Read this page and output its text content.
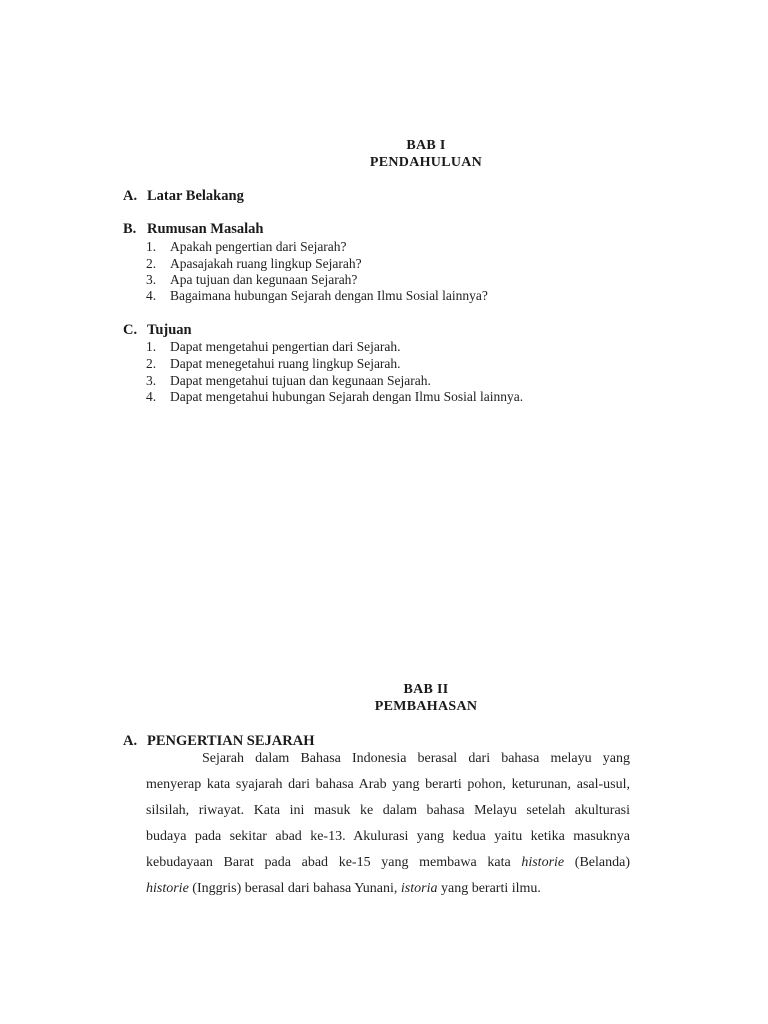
BAB I
PENDAHULUAN
A. Latar Belakang
B. Rumusan Masalah
1. Apakah pengertian dari Sejarah?
2. Apasajakah ruang lingkup Sejarah?
3. Apa tujuan dan kegunaan Sejarah?
4. Bagaimana hubungan Sejarah dengan Ilmu Sosial lainnya?
C. Tujuan
1. Dapat mengetahui pengertian dari Sejarah.
2. Dapat menegetahui ruang lingkup Sejarah.
3. Dapat mengetahui tujuan dan kegunaan Sejarah.
4. Dapat mengetahui hubungan Sejarah dengan Ilmu Sosial lainnya.
BAB II
PEMBAHASAN
A. PENGERTIAN SEJARAH
Sejarah dalam Bahasa Indonesia berasal dari bahasa melayu yang
menyerap kata syajarah dari bahasa Arab yang berarti pohon, keturunan, asal-usul,
silsilah, riwayat. Kata ini masuk ke dalam bahasa Melayu setelah akulturasi
budaya pada sekitar abad ke-13. Akulurasi yang kedua yaitu ketika masuknya
kebudayaan Barat pada abad ke-15 yang membawa kata historie (Belanda)
historie (Inggris) berasal dari bahasa Yunani, istoria yang berarti ilmu.
